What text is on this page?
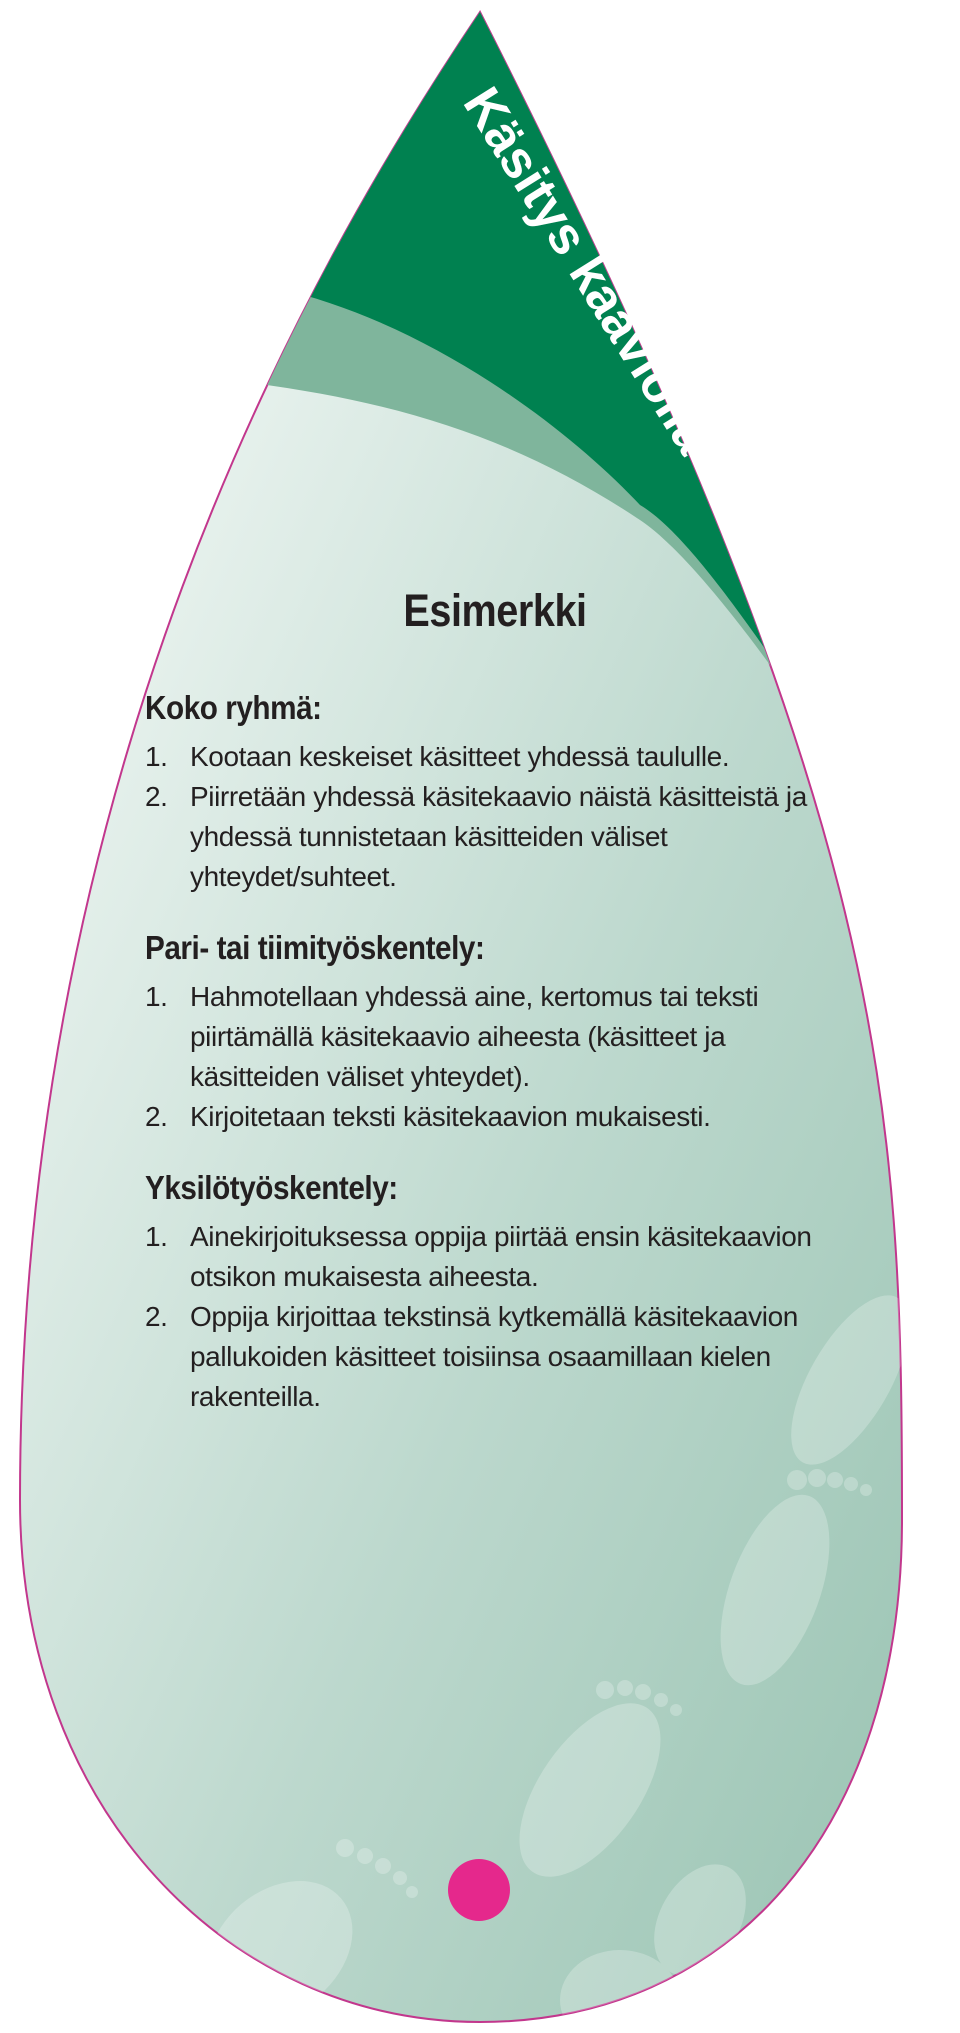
Käsitys kaaviolla
Esimerkki
Koko ryhmä:
1. Kootaan keskeiset käsitteet yhdessä taululle.
2. Piirretään yhdessä käsitekaavio näistä käsitteistä ja yhdessä tunnistetaan käsitteiden väliset yhteydet/suhteet.
Pari- tai tiimityöskentely:
1. Hahmotellaan yhdessä aine, kertomus tai teksti piirtämällä käsitekaavio aiheesta (käsitteet ja käsitteiden väliset yhteydet).
2. Kirjoitetaan teksti käsitekaavion mukaisesti.
Yksilötyöskentely:
1. Ainekirjoituksessa oppija piirtää ensin käsitekaavion otsikon mukaisesta aiheesta.
2. Oppija kirjoittaa tekstinsä kytkemällä käsitekaavion pallukoiden käsitteet toisiinsa osaamillaan kielen rakenteilla.
